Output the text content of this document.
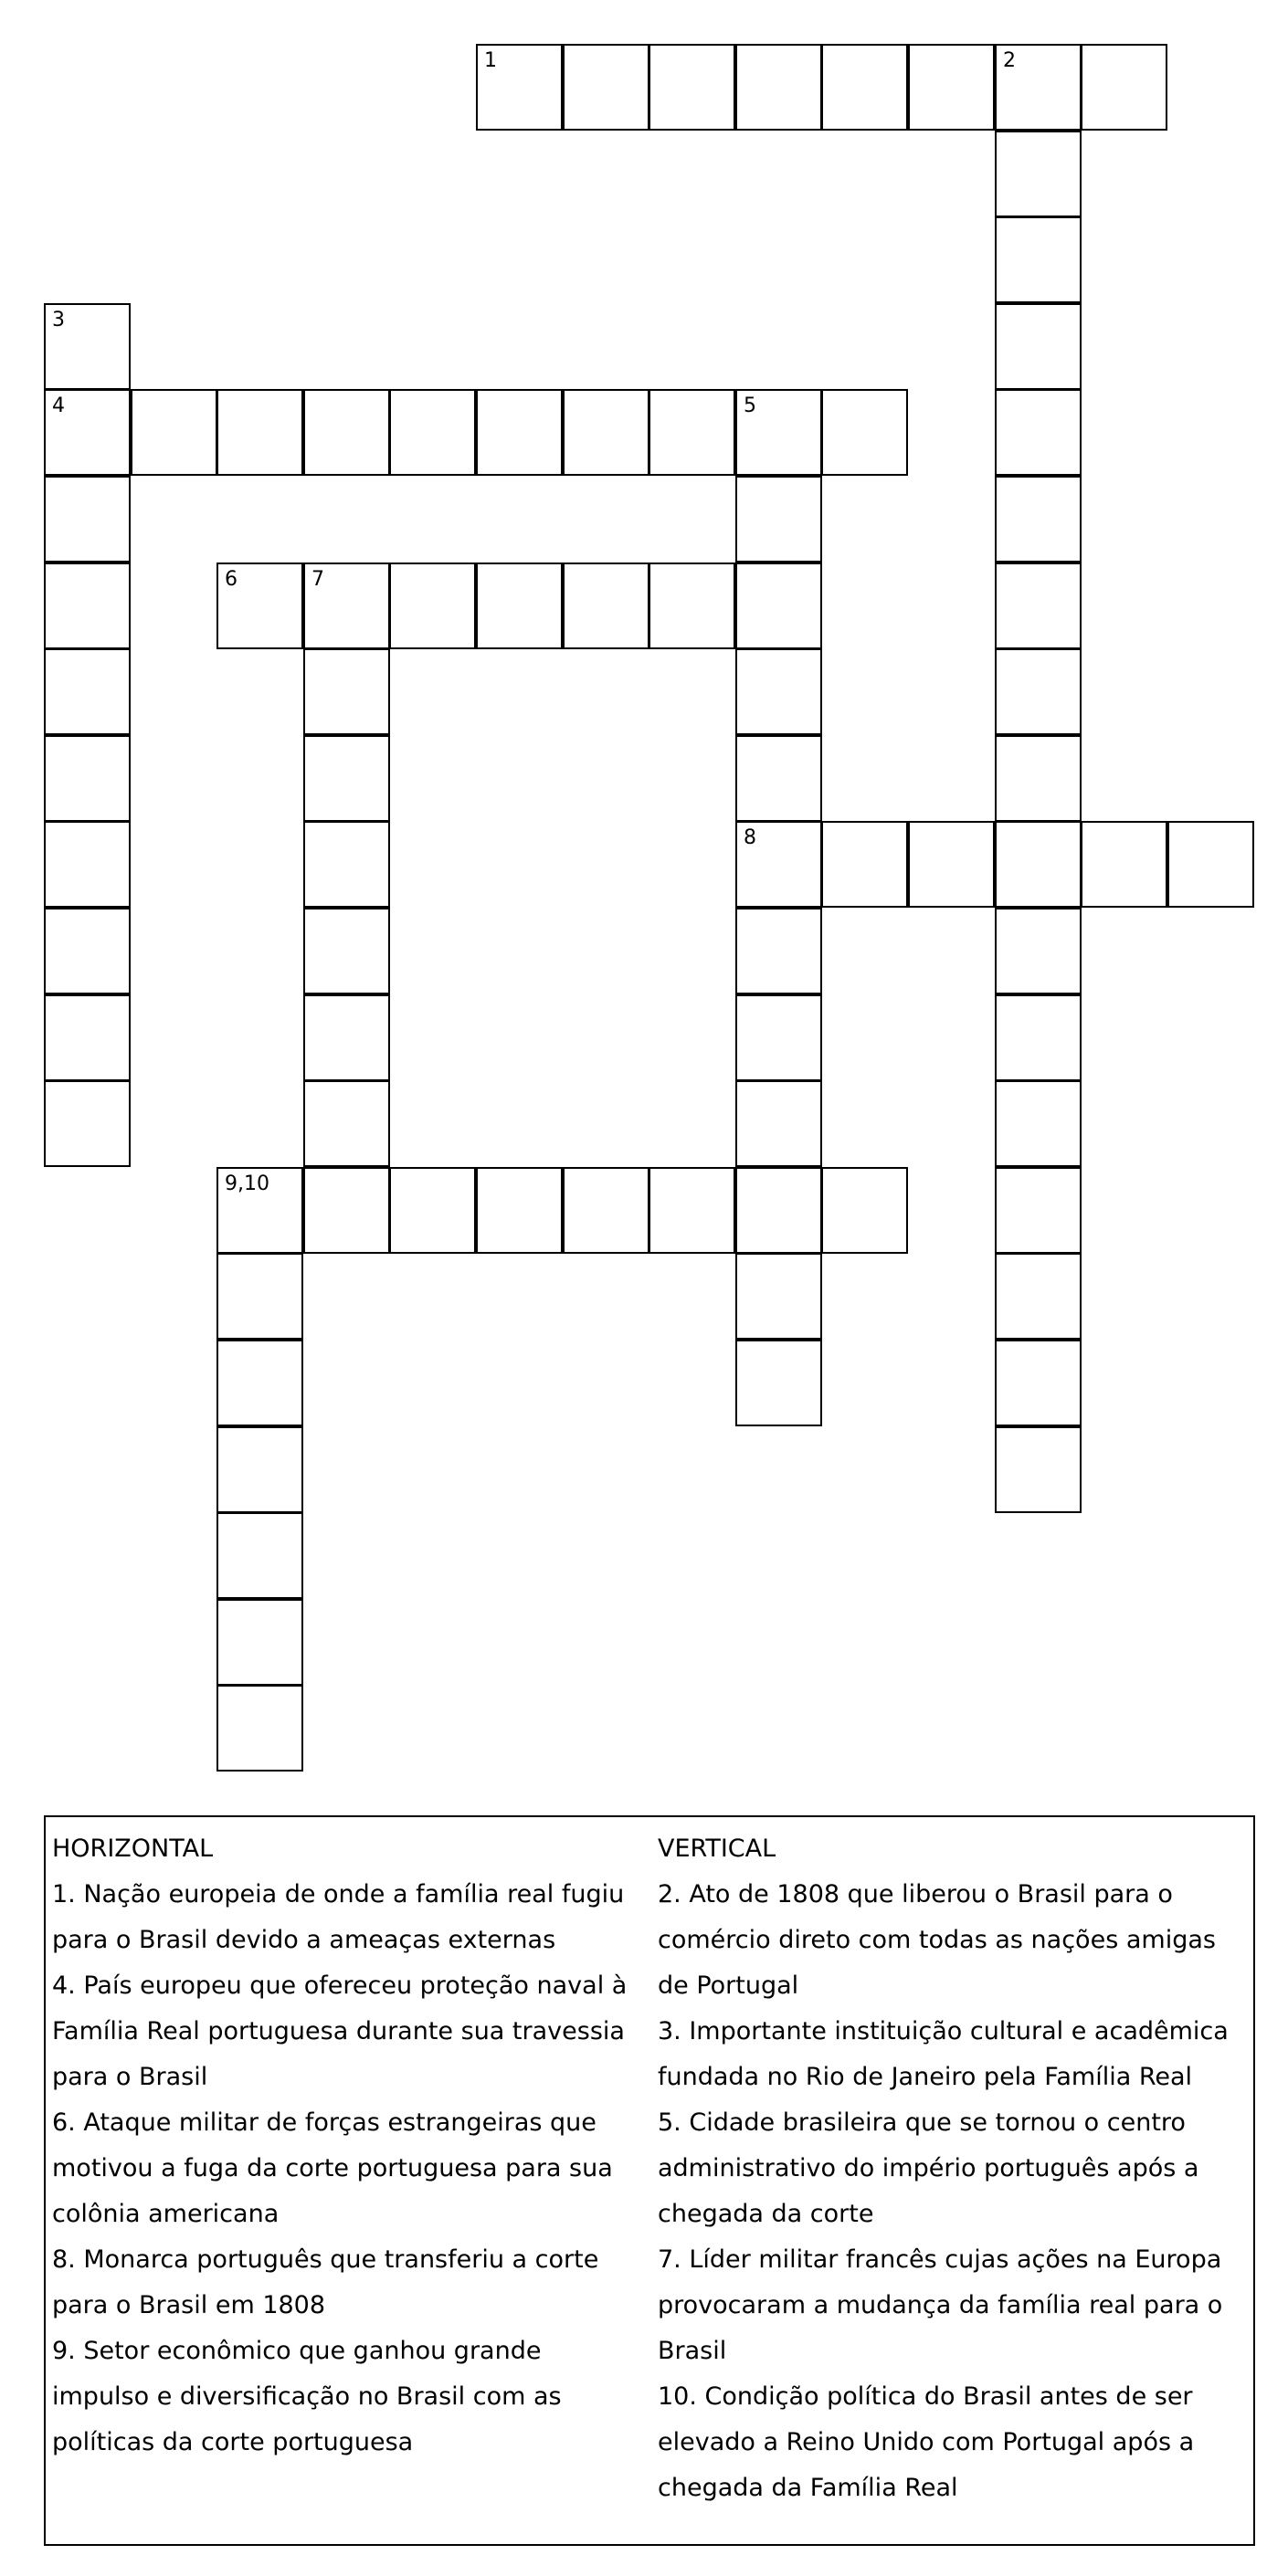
1	2
3
4	5
8
6	7
9,10
HORIZONTAL
1. Nação europeia de onde a família real fugiu para o Brasil devido a ameaças externas
4. País europeu que ofereceu proteção naval à Família Real portuguesa durante sua travessia para o Brasil
6. Ataque militar de forças estrangeiras que motivou a fuga da corte portuguesa para sua colônia americana
8. Monarca português que transferiu a corte para o Brasil em 1808
9. Setor econômico que ganhou grande impulso e diversificação no Brasil com as políticas da corte portuguesa
VERTICAL
2. Ato de 1808 que liberou o Brasil para o comércio direto com todas as nações amigas de Portugal
3. Importante instituição cultural e acadêmica fundada no Rio de Janeiro pela Família Real
5. Cidade brasileira que se tornou o centro administrativo do império português após a chegada da corte
7. Líder militar francês cujas ações na Europa provocaram a mudança da família real para o Brasil
10. Condição política do Brasil antes de ser elevado a Reino Unido com Portugal após a chegada da Família Real
